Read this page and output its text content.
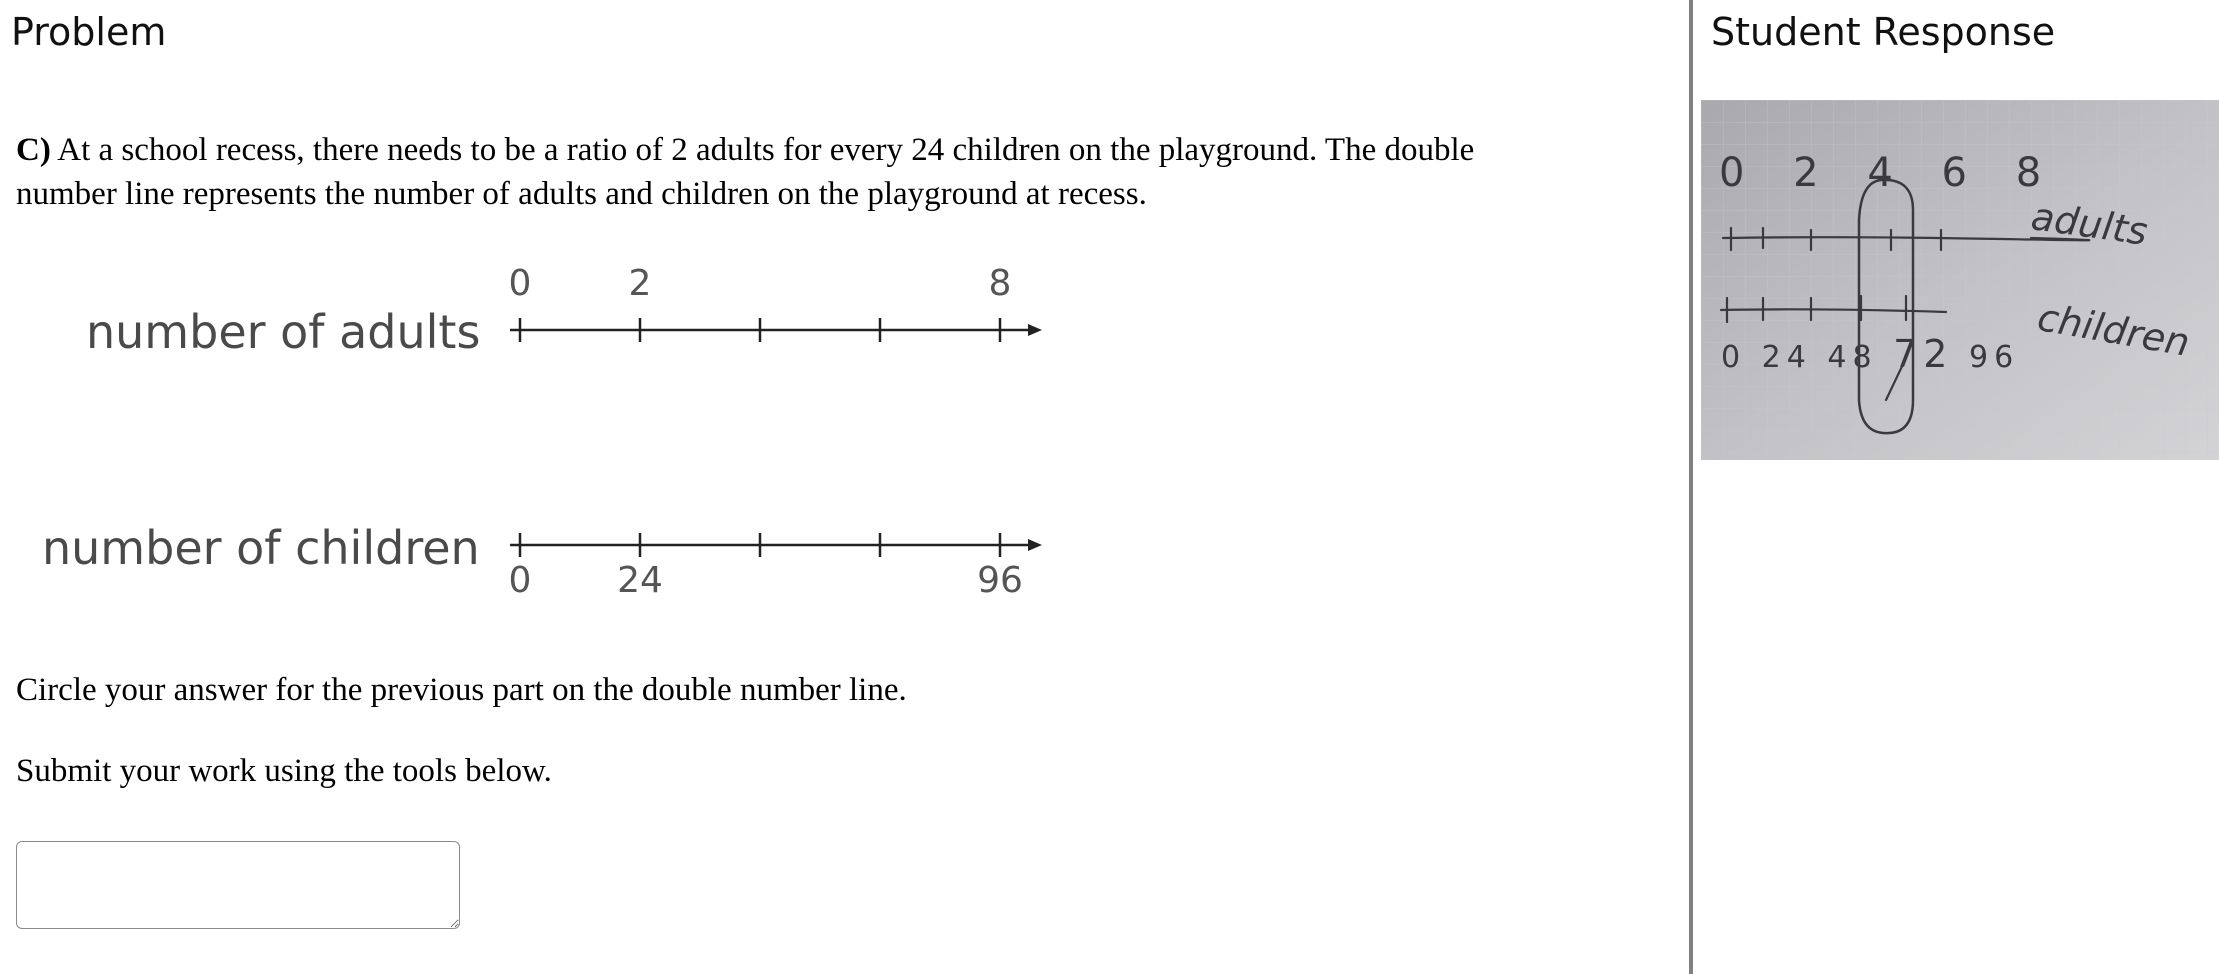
Problem
C) At a school recess, there needs to be a ratio of 2 adults for every 24 children on the playground. The double number line represents the number of adults and children on the playground at recess.
number of adults
number of children
0	2	8
0 24	96
Circle your answer for the previous part on the double number line.
Submit your work using the tools below.
Student Response
0 2 4 6 8
adults
0 24 48 72 96 children
